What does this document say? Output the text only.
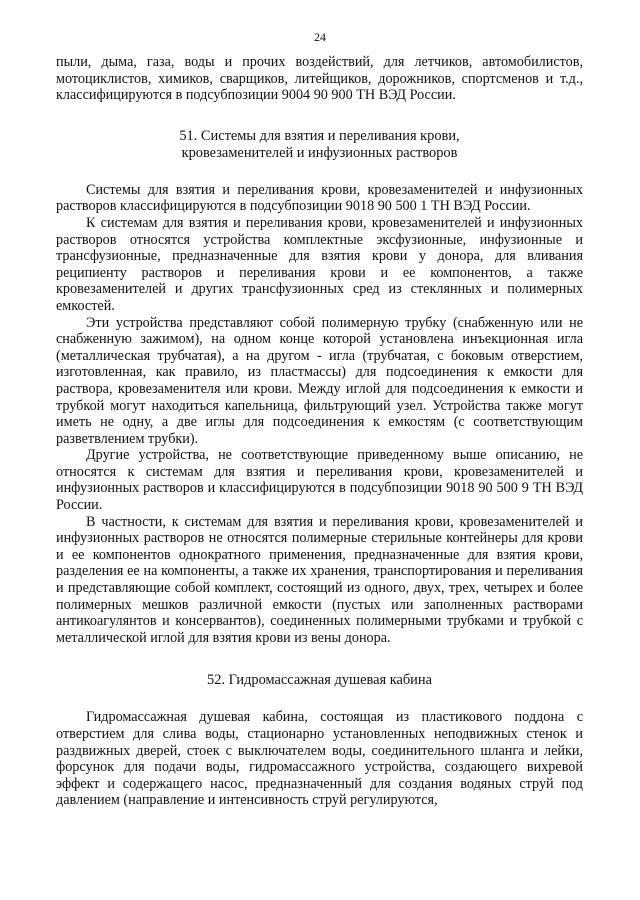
24

пыли, дыма, газа, воды и прочих воздействий, для летчиков, автомобилистов, мотоциклистов, химиков, сварщиков, литейщиков, дорожников, спортсменов и т.д., классифицируются в подсубпозиции 9004 90 900 ТН ВЭД России.

51. Системы для взятия и переливания крови,
кровезаменителей и инфузионных растворов

Системы для взятия и переливания крови, кровезаменителей и инфузионных растворов классифицируются в подсубпозиции 9018 90 500 1 ТН ВЭД России.

К системам для взятия и переливания крови, кровезаменителей и инфузионных растворов относятся устройства комплектные эксфузионные, инфузионные и трансфузионные, предназначенные для взятия крови у донора, для вливания реципиенту растворов и переливания крови и ее компонентов, а также кровезаменителей и других трансфузионных сред из стеклянных и полимерных емкостей.

Эти устройства представляют собой полимерную трубку (снабженную или не снабженную зажимом), на одном конце которой установлена инъекционная игла (металлическая трубчатая), а на другом - игла (трубчатая, с боковым отверстием, изготовленная, как правило, из пластмассы) для подсоединения к емкости для раствора, кровезаменителя или крови. Между иглой для подсоединения к емкости и трубкой могут находиться капельница, фильтрующий узел. Устройства также могут иметь не одну, а две иглы для подсоединения к емкостям (с соответствующим разветвлением трубки).

Другие устройства, не соответствующие приведенному выше описанию, не относятся к системам для взятия и переливания крови, кровезаменителей и инфузионных растворов и классифицируются в подсубпозиции 9018 90 500 9 ТН ВЭД России.

В частности, к системам для взятия и переливания крови, кровезаменителей и инфузионных растворов не относятся полимерные стерильные контейнеры для крови и ее компонентов однократного применения, предназначенные для взятия крови, разделения ее на компоненты, а также их хранения, транспортирования и переливания и представляющие собой комплект, состоящий из одного, двух, трех, четырех и более полимерных мешков различной емкости (пустых или заполненных растворами антикоагулянтов и консервантов), соединенных полимерными трубками и трубкой с металлической иглой для взятия крови из вены донора.

52. Гидромассажная душевая кабина

Гидромассажная душевая кабина, состоящая из пластикового поддона с отверстием для слива воды, стационарно установленных неподвижных стенок и раздвижных дверей, стоек с выключателем воды, соединительного шланга и лейки, форсунок для подачи воды, гидромассажного устройства, создающего вихревой эффект и содержащего насос, предназначенный для создания водяных струй под давлением (направление и интенсивность струй регулируются,
